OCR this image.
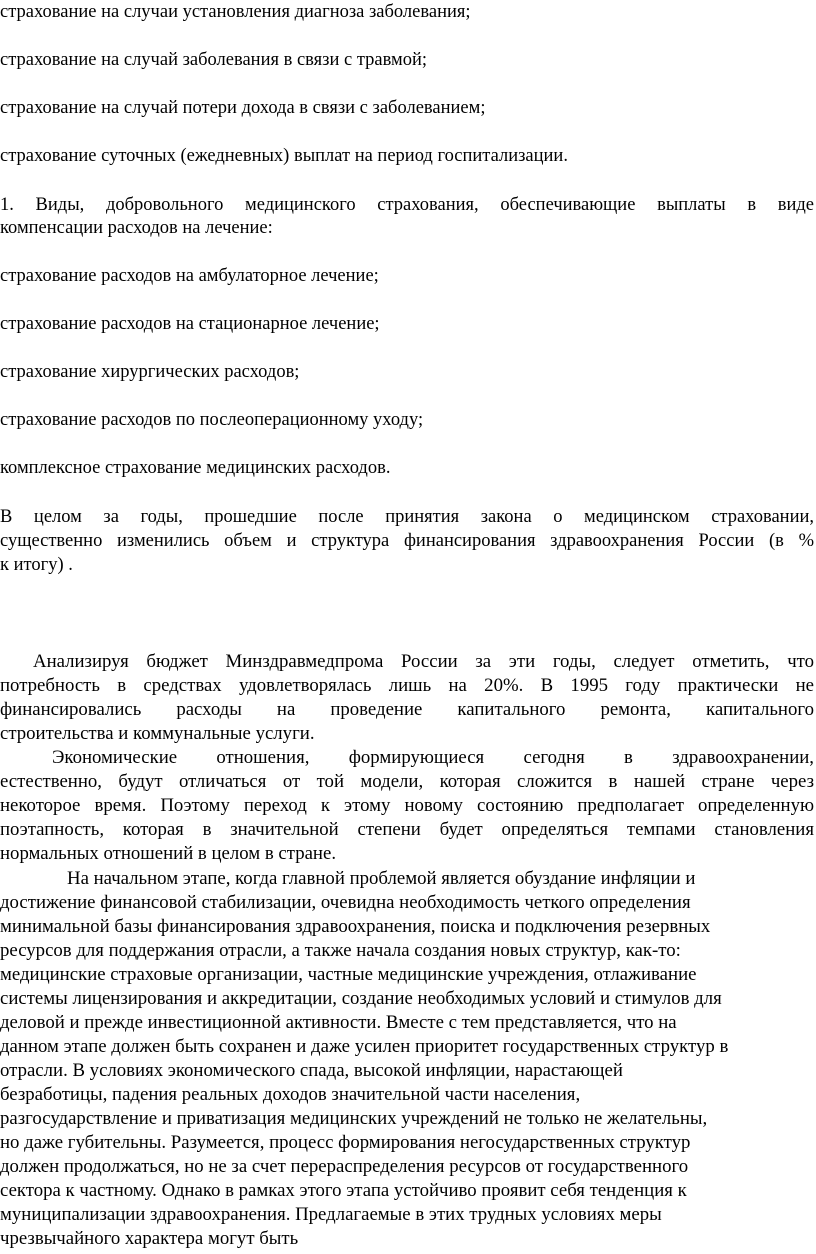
страхование на случаи установления диагноза заболевания;
страхование на случай заболевания в связи с травмой;
страхование на случай потери дохода в связи с заболеванием;
страхование суточных (ежедневных) выплат на период госпитализации.
1. Виды, добровольного медицинского страхования, обеспечивающие выплаты в виде
компенсации расходов на лечение:
страхование расходов на амбулаторное лечение;
страхование расходов на стационарное лечение;
страхование хирургических расходов;
страхование расходов по послеоперационному уходу;
комплексное страхование медицинских расходов.
В целом за годы, прошедшие после принятия закона о медицинском страховании,
существенно изменились объем и структура финансирования здравоохранения России (в %
к итогу) .
Анализируя бюджет Минздравмедпрома России за эти годы, следует отметить, что
потребность в средствах удовлетворялась лишь на 20%. В 1995 году практически не
финансировались расходы на проведение капитального ремонта, капитального
строительства и коммунальные услуги.
Экономические отношения, формирующиеся сегодня в здравоохранении,
естественно, будут отличаться от той модели, которая сложится в нашей стране через
некоторое время. Поэтому переход к этому новому состоянию предполагает определенную
поэтапность, которая в значительной степени будет определяться темпами становления
нормальных отношений в целом в стране.
На начальном этапе, когда главной проблемой является обуздание инфляции и
достижение финансовой стабилизации, очевидна необходимость четкого определения
минимальной базы финансирования здравоохранения, поиска и подключения резервных
ресурсов для поддержания отрасли, а также начала создания новых структур, как-то:
медицинские страховые организации, частные медицинские учреждения, отлаживание
системы лицензирования и аккредитации, создание необходимых условий и стимулов для
деловой и прежде инвестиционной активности. Вместе с тем представляется, что на
данном этапе должен быть сохранен и даже усилен приоритет государственных структур в
отрасли. В условиях экономического спада, высокой инфляции, нарастающей
безработицы, падения реальных доходов значительной части населения,
разгосударствление и приватизация медицинских учреждений не только не желательны,
но даже губительны. Разумеется, процесс формирования негосударственных структур
должен продолжаться, но не за счет перераспределения ресурсов от государственного
сектора к частному. Однако в рамках этого этапа устойчиво проявит себя тенденция к
муниципализации здравоохранения. Предлагаемые в этих трудных условиях меры
чрезвычайного характера могут быть
